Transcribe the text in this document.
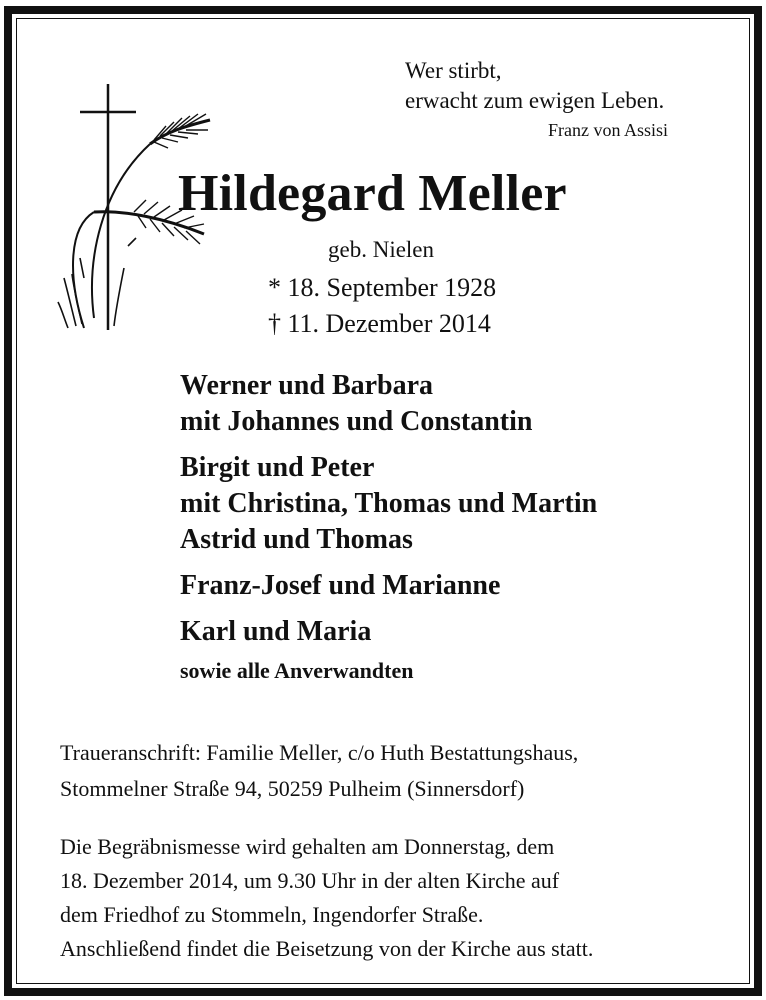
Wer stirbt,
erwacht zum ewigen Leben.
Franz von Assisi
Hildegard Meller
geb. Nielen
* 18. September 1928
† 11. Dezember 2014
Werner und Barbara
mit Johannes und Constantin
Birgit und Peter
mit Christina, Thomas und Martin
Astrid und Thomas
Franz-Josef und Marianne
Karl und Maria
sowie alle Anverwandten
Traueranschrift: Familie Meller, c/o Huth Bestattungshaus,
Stommelner Straße 94, 50259 Pulheim (Sinnersdorf)
Die Begräbnismesse wird gehalten am Donnerstag, dem
18. Dezember 2014, um 9.30 Uhr in der alten Kirche auf
dem Friedhof zu Stommeln, Ingendorfer Straße.
Anschließend findet die Beisetzung von der Kirche aus statt.
